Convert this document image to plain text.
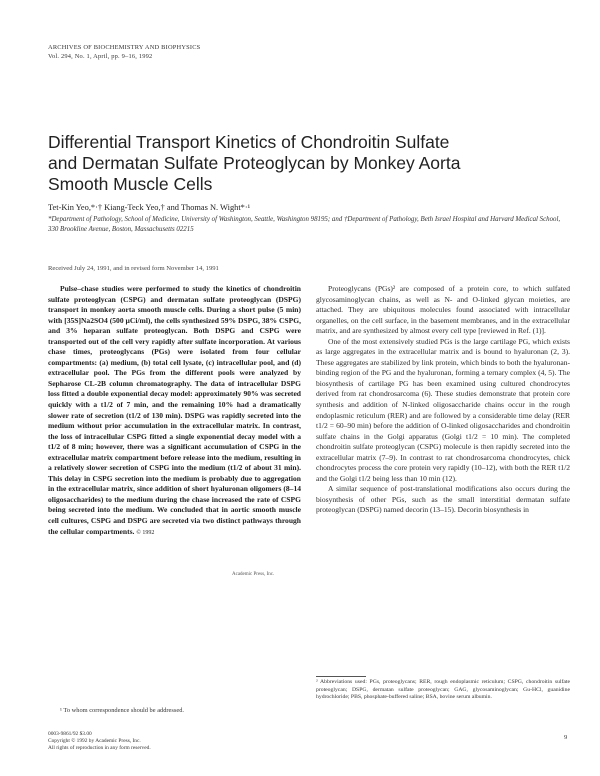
ARCHIVES OF BIOCHEMISTRY AND BIOPHYSICS
Vol. 294, No. 1, April, pp. 9–16, 1992
Differential Transport Kinetics of Chondroitin Sulfate and Dermatan Sulfate Proteoglycan by Monkey Aorta Smooth Muscle Cells
Tet-Kin Yeo,*·† Kiang-Teck Yeo,† and Thomas N. Wight*·¹
*Department of Pathology, School of Medicine, University of Washington, Seattle, Washington 98195; and †Department of Pathology, Beth Israel Hospital and Harvard Medical School, 330 Brookline Avenue, Boston, Massachusetts 02215
Received July 24, 1991, and in revised form November 14, 1991

Pulse–chase studies were performed to study the kinetics of chondroitin sulfate proteoglycan (CSPG) and dermatan sulfate proteoglycan (DSPG) transport in monkey aorta smooth muscle cells. During a short pulse (5 min) with [35S]Na2SO4 (500 µCi/ml), the cells synthesized 59% DSPG, 38% CSPG, and 3% heparan sulfate proteoglycan. Both DSPG and CSPG were transported out of the cell very rapidly after sulfate incorporation. At various chase times, proteoglycans (PGs) were isolated from four cellular compartments: (a) medium, (b) total cell lysate, (c) intracellular pool, and (d) extracellular pool. The PGs from the different pools were analyzed by Sepharose CL-2B column chromatography. The data of intracellular DSPG loss fitted a double exponential decay model: approximately 90% was secreted quickly with a t1/2 of 7 min, and the remaining 10% had a dramatically slower rate of secretion (t1/2 of 130 min). DSPG was rapidly secreted into the medium without prior accumulation in the extracellular matrix. In contrast, the loss of intracellular CSPG fitted a single exponential decay model with a t1/2 of 8 min; however, there was a significant accumulation of CSPG in the extracellular matrix compartment before release into the medium, resulting in a relatively slower secretion of CSPG into the medium (t1/2 of about 31 min). This delay in CSPG secretion into the medium is probably due to aggregation in the extracellular matrix, since addition of short hyaluronan oligomers (8–14 oligosaccharides) to the medium during the chase increased the rate of CSPG being secreted into the medium. We concluded that in aortic smooth muscle cell cultures, CSPG and DSPG are secreted via two distinct pathways through the cellular compartments. © 1992

Academic Press, Inc.

Proteoglycans (PGs)² are composed of a protein core, to which sulfated glycosaminoglycan chains, as well as N- and O-linked glycan moieties, are attached. They are ubiquitous molecules found associated with intracellular organelles, on the cell surface, in the basement membranes, and in the extracellular matrix, and are synthesized by almost every cell type [reviewed in Ref. (1)].

One of the most extensively studied PGs is the large cartilage PG, which exists as large aggregates in the extracellular matrix and is bound to hyaluronan (2, 3). These aggregates are stabilized by link protein, which binds to both the hyaluronan-binding region of the PG and the hyaluronan, forming a ternary complex (4, 5). The biosynthesis of cartilage PG has been examined using cultured chondrocytes derived from rat chondrosarcoma (6). These studies demonstrate that protein core synthesis and addition of N-linked oligosaccharide chains occur in the rough endoplasmic reticulum (RER) and are followed by a considerable time delay (RER t1/2 = 60–90 min) before the addition of O-linked oligosaccharides and chondroitin sulfate chains in the Golgi apparatus (Golgi t1/2 = 10 min). The completed chondroitin sulfate proteoglycan (CSPG) molecule is then rapidly secreted into the extracellular matrix (7–9). In contrast to rat chondrosarcoma chondrocytes, chick chondrocytes process the core protein very rapidly (10–12), with both the RER t1/2 and the Golgi t1/2 being less than 10 min (12).

A similar sequence of post-translational modifications also occurs during the biosynthesis of other PGs, such as the small interstitial dermatan sulfate proteoglycan (DSPG) named decorin (13–15). Decorin biosynthesis in

¹ To whom correspondence should be addressed.
² Abbreviations used: PGs, proteoglycans; RER, rough endoplasmic reticulum; CSPG, chondroitin sulfate proteoglycan; DSPG, dermatan sulfate proteoglycan; GAG, glycosaminoglycan; Gu-HCl, guanidine hydrochloride; PBS, phosphate-buffered saline; BSA, bovine serum albumin.
0003-9861/92 $3.00
Copyright © 1992 by Academic Press, Inc.
All rights of reproduction in any form reserved.
9
